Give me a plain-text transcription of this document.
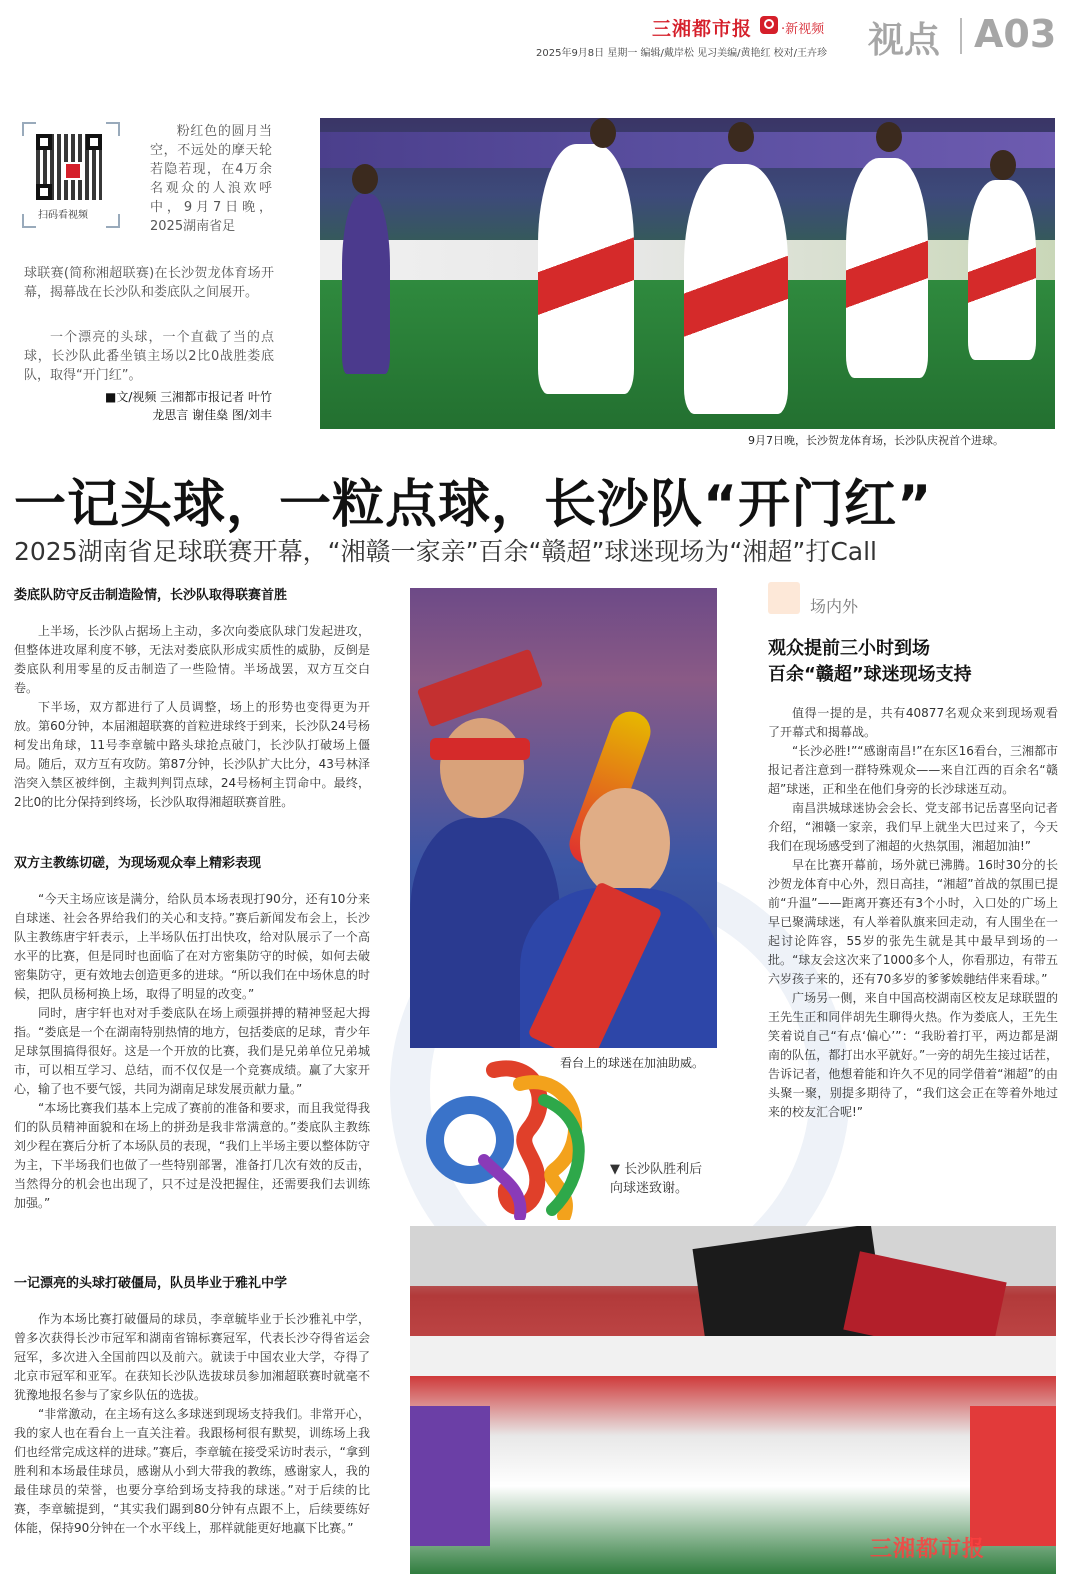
三湘都市报	·新视频 视点 A03
2025年9月8日 星期一 编辑/戴岸松 见习美编/黄艳红 校对/王卉珍
扫码看视频
粉红色的圆月当空，不远处的摩天轮若隐若现，在4万余名观众的人浪欢呼中，9月7日晚，2025湖南省足
球联赛(简称湘超联赛)在长沙贺龙体育场开幕，揭幕战在长沙队和娄底队之间展开。
一个漂亮的头球，一个直截了当的点球，长沙队此番坐镇主场以2比0战胜娄底队，取得“开门红”。
■文/视频 三湘都市报记者 叶竹
龙思言 谢佳燊 图/刘丰
9月7日晚，长沙贺龙体育场，长沙队庆祝首个进球。
一记头球，一粒点球，长沙队“开门红”
2025湖南省足球联赛开幕，“湘赣一家亲”百余“赣超”球迷现场为“湘超”打Call
娄底队防守反击制造险情，长沙队取得联赛首胜

上半场，长沙队占据场上主动，多次向娄底队球门发起进攻，但整体进攻犀利度不够，无法对娄底队形成实质性的威胁，反倒是娄底队利用零星的反击制造了一些险情。半场战罢，双方互交白卷。

下半场，双方都进行了人员调整，场上的形势也变得更为开放。第60分钟，本届湘超联赛的首粒进球终于到来，长沙队24号杨柯发出角球，11号李章毓中路头球抢点破门，长沙队打破场上僵局。随后，双方互有攻防。第87分钟，长沙队扩大比分，43号林泽浩突入禁区被绊倒，主裁判判罚点球，24号杨柯主罚命中。最终，2比0的比分保持到终场，长沙队取得湘超联赛首胜。

双方主教练切磋，为现场观众奉上精彩表现

“今天主场应该是满分，给队员本场表现打90分，还有10分来自球迷、社会各界给我们的关心和支持。”赛后新闻发布会上，长沙队主教练唐宇轩表示，上半场队伍打出快攻，给对队展示了一个高水平的比赛，但是同时也面临了在对方密集防守的时候，如何去破密集防守，更有效地去创造更多的进球。“所以我们在中场休息的时候，把队员杨柯换上场，取得了明显的改变。”

同时，唐宇轩也对对手娄底队在场上顽强拼搏的精神竖起大拇指。“娄底是一个在湖南特别热情的地方，包括娄底的足球，青少年足球氛围搞得很好。这是一个开放的比赛，我们是兄弟单位兄弟城市，可以相互学习、总结，而不仅仅是一个竞赛成绩。赢了大家开心，输了也不要气馁，共同为湖南足球发展贡献力量。”

“本场比赛我们基本上完成了赛前的准备和要求，而且我觉得我们的队员精神面貌和在场上的拼劲是我非常满意的。”娄底队主教练刘少程在赛后分析了本场队员的表现，“我们上半场主要以整体防守为主，下半场我们也做了一些特别部署，准备打几次有效的反击，当然得分的机会也出现了，只不过是没把握住，还需要我们去训练加强。”

一记漂亮的头球打破僵局，队员毕业于雅礼中学

作为本场比赛打破僵局的球员，李章毓毕业于长沙雅礼中学，曾多次获得长沙市冠军和湖南省锦标赛冠军，代表长沙夺得省运会冠军，多次进入全国前四以及前六。就读于中国农业大学，夺得了北京市冠军和亚军。在获知长沙队选拔球员参加湘超联赛时就毫不犹豫地报名参与了家乡队伍的选拔。

“非常激动，在主场有这么多球迷到现场支持我们。非常开心，我的家人也在看台上一直关注着。我跟杨柯很有默契，训练场上我们也经常完成这样的进球。”赛后，李章毓在接受采访时表示，“拿到胜利和本场最佳球员，感谢从小到大带我的教练，感谢家人，我的最佳球员的荣誉，也要分享给到场支持我的球迷。”对于后续的比赛，李章毓提到，“其实我们踢到80分钟有点跟不上，后续要练好体能，保持90分钟在一个水平线上，那样就能更好地赢下比赛。”

看台上的球迷在加油助威。
▼ 长沙队胜利后向球迷致谢。
场内外
观众提前三小时到场
百余“赣超”球迷现场支持

值得一提的是，共有40877名观众来到现场观看了开幕式和揭幕战。

“长沙必胜!”“感谢南昌!”在东区16看台，三湘都市报记者注意到一群特殊观众——来自江西的百余名“赣超”球迷，正和坐在他们身旁的长沙球迷互动。

南昌洪城球迷协会会长、党支部书记岳喜坚向记者介绍，“湘赣一家亲，我们早上就坐大巴过来了，今天我们在现场感受到了湘超的火热氛围，湘超加油!”

早在比赛开幕前，场外就已沸腾。16时30分的长沙贺龙体育中心外，烈日高挂，“湘超”首战的氛围已提前“升温”——距离开赛还有3个小时，入口处的广场上早已聚满球迷，有人举着队旗来回走动，有人围坐在一起讨论阵容，55岁的张先生就是其中最早到场的一批。“球友会这次来了1000多个人，你看那边，有带五六岁孩子来的，还有70多岁的爹爹娭毑结伴来看球。”

广场另一侧，来自中国高校湖南区校友足球联盟的王先生正和同伴胡先生聊得火热。作为娄底人，王先生笑着说自己“有点‘偏心’”：“我盼着打平，两边都是湖南的队伍，都打出水平就好。”一旁的胡先生接过话茬，告诉记者，他想着能和许久不见的同学借着“湘超”的由头聚一聚，别提多期待了，“我们这会正在等着外地过来的校友汇合呢!”

三湘都市报
